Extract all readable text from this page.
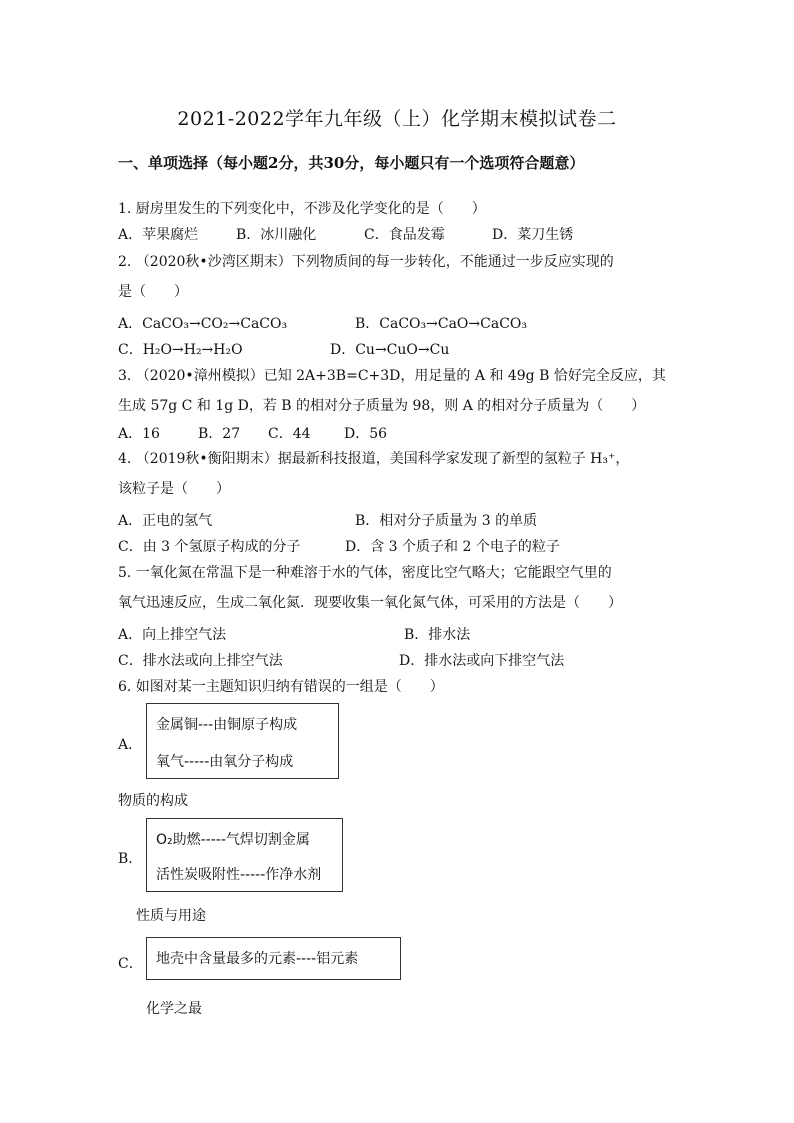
2021-2022学年九年级（上）化学期末模拟试卷二
一、单项选择（每小题2分，共30分，每小题只有一个选项符合题意）
1. 厨房里发生的下列变化中，不涉及化学变化的是（　　）
A．苹果腐烂	B．冰川融化	C．食品发霉	D．菜刀生锈
2. （2020秋•沙湾区期末）下列物质间的每一步转化，不能通过一步反应实现的
是（　　）
A．CaCO₃→CO₂→CaCO₃	B．CaCO₃→CaO→CaCO₃
C．H₂O→H₂→H₂O	D．Cu→CuO→Cu
3. （2020•漳州模拟）已知 2A+3B=C+3D，用足量的 A 和 49g B 恰好完全反应，其
生成 57g C 和 1g D，若 B 的相对分子质量为 98，则 A 的相对分子质量为（　　）
A．16	B．27 C．44 D．56
4. （2019秋•衡阳期末）据最新科技报道，美国科学家发现了新型的氢粒子 H₃⁺，
该粒子是（　　）
A．正电的氢气	B．相对分子质量为 3 的单质
C．由 3 个氢原子构成的分子	D．含 3 个质子和 2 个电子的粒子
5. 一氧化氮在常温下是一种难溶于水的气体，密度比空气略大；它能跟空气里的
氧气迅速反应，生成二氧化氮．现要收集一氧化氮气体，可采用的方法是（　　）
A．向上排空气法	B．排水法
C．排水法或向上排空气法	D．排水法或向下排空气法
6. 如图对某一主题知识归纳有错误的一组是（　　）
A．
金属铜---由铜原子构成
氧气-----由氧分子构成
物质的构成
B．
O₂助燃-----气焊切割金属
活性炭吸附性-----作净水剂
性质与用途
C． 地壳中含量最多的元素----铝元素
化学之最
